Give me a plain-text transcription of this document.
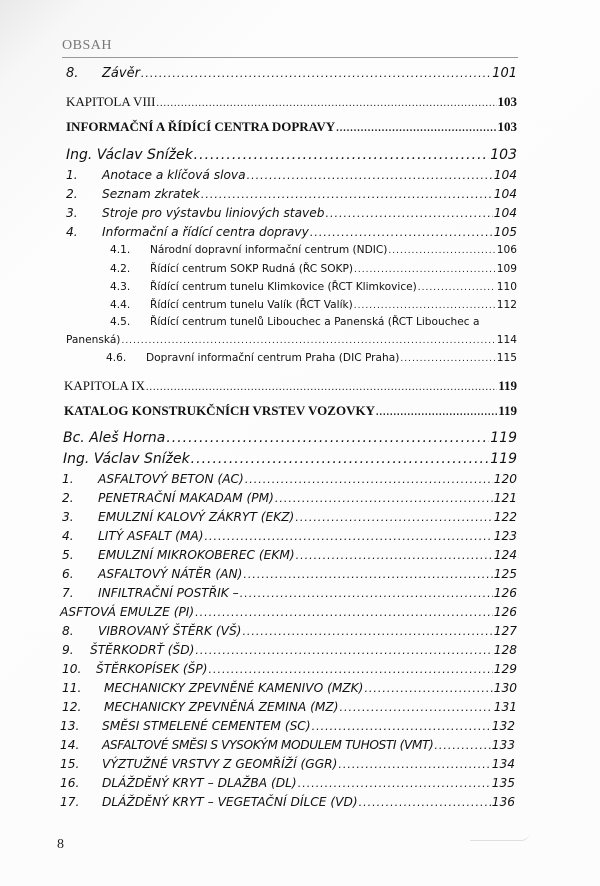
OBSAH
8.	Závěr .....	101
KAPITOLA VIII .....	103
INFORMAČNÍ A ŘÍDÍCÍ CENTRA DOPRAVY .....	103
Ing. Václav Snížek .....	103
1.	Anotace a klíčová slova .....	104
2.	Seznam zkratek .....	104
3.	Stroje pro výstavbu liniových staveb .....	104
4.	Informační a řídící centra dopravy .....	105
4.1.	Národní dopravní informační centrum (NDIC) .....	106
4.2.	Řídící centrum SOKP Rudná (ŘC SOKP) .....	109
4.3.	Řídící centrum tunelu Klimkovice (ŘCT Klimkovice) .....	110
4.4.	Řídící centrum tunelu Valík (ŘCT Valík) .....	112
4.5.	Řídící centrum tunelů Libouchec a Panenská (ŘCT Libouchec a
Panenská) .....	114
4.6.	Dopravní informační centrum Praha (DIC Praha) .....	115
KAPITOLA IX .....	119
KATALOG KONSTRUKČNÍCH VRSTEV VOZOVKY .....	119
Bc. Aleš Horna .....	119
Ing. Václav Snížek .....	119
1.	ASFALTOVÝ BETON (AC) .....	120
2.	PENETRAČNÍ MAKADAM (PM) .....	121
3.	EMULZNÍ KALOVÝ ZÁKRYT (EKZ) .....	122
4.	LITÝ ASFALT (MA) .....	123
5.	EMULZNÍ MIKROKOBEREC (EKM) .....	124
6.	ASFALTOVÝ NÁTĚR (AN) .....	125
7.	INFILTRAČNÍ POSTŘIK – .....	126
ASFTOVÁ EMULZE (PI) .....	126
8.	VIBROVANÝ ŠTĚRK (VŠ) .....	127
9.	ŠTĚRKODRŤ (ŠD) .....	128
10.	ŠTĚRKOPÍSEK (ŠP) .....	129
11.	MECHANICKY ZPEVNĚNÉ KAMENIVO (MZK) .....	130
12.	MECHANICKY ZPEVNĚNÁ ZEMINA (MZ) .....	131
13.	SMĚSI STMELENÉ CEMENTEM (SC) .....	132
14.	ASFALTOVÉ SMĚSI S VYSOKÝM MODULEM TUHOSTI (VMT) .....	133
15.	VÝZTUŽNÉ VRSTVY Z GEOMŘÍŽÍ (GGR) .....	134
16.	DLÁŽDĚNÝ KRYT – DLAŽBA (DL) .....	135
17.	DLÁŽDĚNÝ KRYT – VEGETAČNÍ DÍLCE (VD) .....	136
8
